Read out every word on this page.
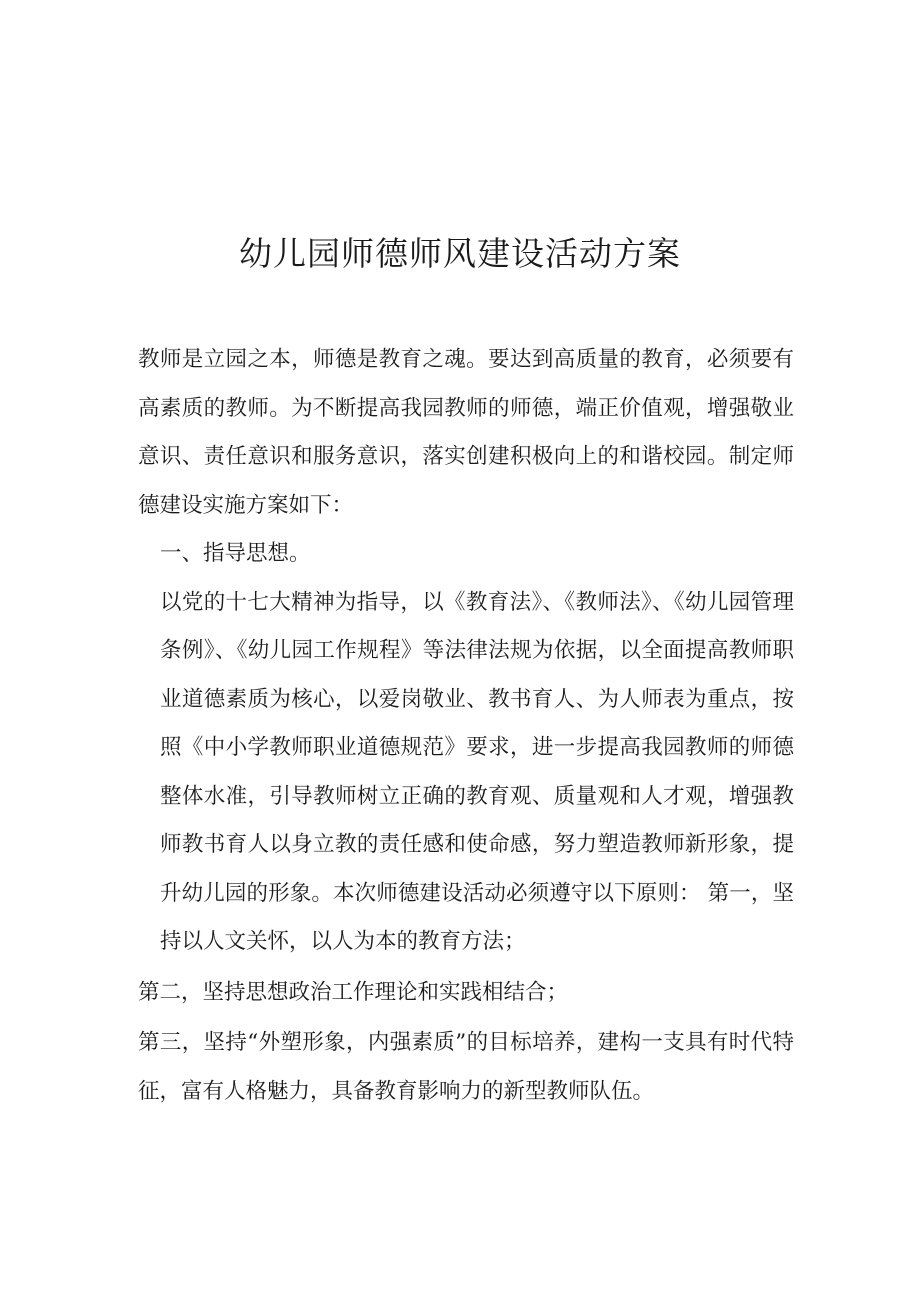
幼儿园师德师风建设活动方案

教师是立园之本，师德是教育之魂。要达到高质量的教育，必须要有高素质的教师。为不断提高我园教师的师德，端正价值观，增强敬业意识、责任意识和服务意识，落实创建积极向上的和谐校园。制定师德建设实施方案如下：

一、指导思想。

以党的十七大精神为指导，以《教育法》、《教师法》、《幼儿园管理条例》、《幼儿园工作规程》等法律法规为依据，以全面提高教师职业道德素质为核心，以爱岗敬业、教书育人、为人师表为重点，按照《中小学教师职业道德规范》要求，进一步提高我园教师的师德整体水准，引导教师树立正确的教育观、质量观和人才观，增强教师教书育人以身立教的责任感和使命感，努力塑造教师新形象，提升幼儿园的形象。本次师德建设活动必须遵守以下原则： 第一，坚持以人文关怀，以人为本的教育方法；

第二，坚持思想政治工作理论和实践相结合；

第三，坚持“外塑形象，内强素质”的目标培养，建构一支具有时代特 征，富有人格魅力，具备教育影响力的新型教师队伍。
